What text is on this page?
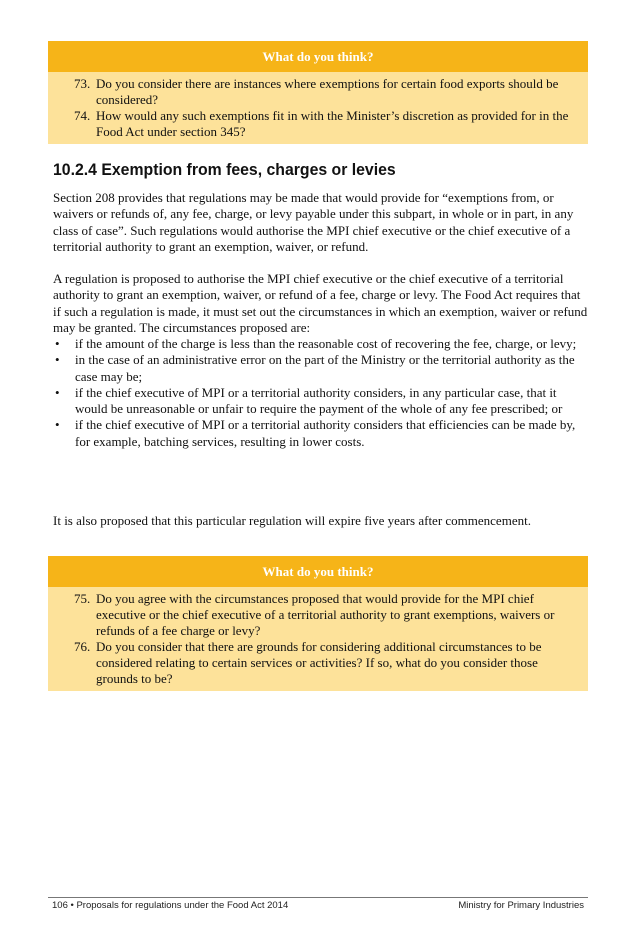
What do you think?
73. Do you consider there are instances where exemptions for certain food exports should be considered?
74. How would any such exemptions fit in with the Minister’s discretion as provided for in the Food Act under section 345?
10.2.4 Exemption from fees, charges or levies

Section 208 provides that regulations may be made that would provide for “exemptions from, or waivers or refunds of, any fee, charge, or levy payable under this subpart, in whole or in part, in any class of case”. Such regulations would authorise the MPI chief executive or the chief executive of a territorial authority to grant an exemption, waiver, or refund.

A regulation is proposed to authorise the MPI chief executive or the chief executive of a territorial authority to grant an exemption, waiver, or refund of a fee, charge or levy. The Food Act requires that if such a regulation is made, it must set out the circumstances in which an exemption, waiver or refund may be granted. The circumstances proposed are:

• if the amount of the charge is less than the reasonable cost of recovering the fee, charge, or levy;
• in the case of an administrative error on the part of the Ministry or the territorial authority as the case may be;
• if the chief executive of MPI or a territorial authority considers, in any particular case, that it would be unreasonable or unfair to require the payment of the whole of any fee prescribed; or
• if the chief executive of MPI or a territorial authority considers that efficiencies can be made by, for example, batching services, resulting in lower costs.

It is also proposed that this particular regulation will expire five years after commencement.

What do you think?
75. Do you agree with the circumstances proposed that would provide for the MPI chief executive or the chief executive of a territorial authority to grant exemptions, waivers or refunds of a fee charge or levy?
76. Do you consider that there are grounds for considering additional circumstances to be considered relating to certain services or activities? If so, what do you consider those grounds to be?
106 • Proposals for regulations under the Food Act 2014	Ministry for Primary Industries
